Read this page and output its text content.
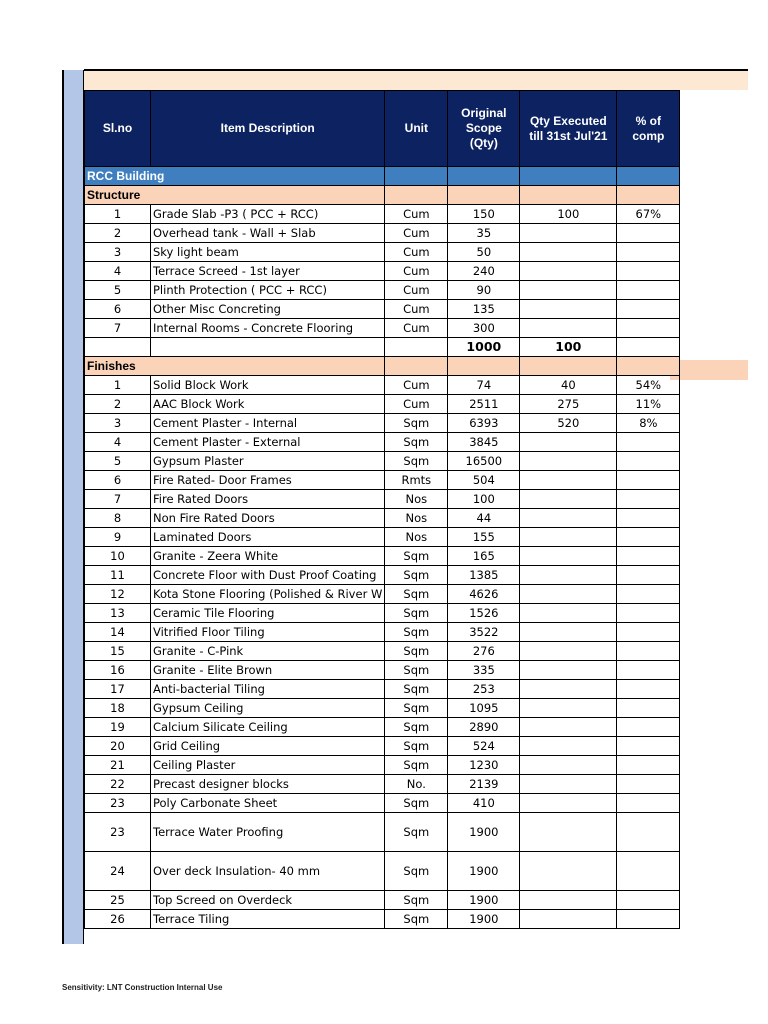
Sl.no	Item Description	Unit	Original Scope (Qty)	Qty Executed till 31st Jul'21	% of comp
RCC Building					
Structure					
1	Grade Slab -P3 ( PCC + RCC)	Cum	150	100	67%
2	Overhead tank - Wall + Slab	Cum	35		
3	Sky light beam	Cum	50		
4	Terrace Screed - 1st layer	Cum	240		
5	Plinth Protection ( PCC + RCC)	Cum	90		
6	Other Misc Concreting	Cum	135		
7	Internal Rooms - Concrete Flooring	Cum	300		
			1000	100	
Finishes					
1	Solid Block Work	Cum	74	40	54%
2	AAC Block Work	Cum	2511	275	11%
3	Cement Plaster - Internal	Sqm	6393	520	8%
4	Cement Plaster - External	Sqm	3845		
5	Gypsum Plaster	Sqm	16500		
6	Fire Rated- Door Frames	Rmts	504		
7	Fire Rated Doors	Nos	100		
8	Non Fire Rated Doors	Nos	44		
9	Laminated Doors	Nos	155		
10	Granite - Zeera White	Sqm	165		
11	Concrete Floor with Dust Proof Coating	Sqm	1385		
12	Kota Stone Flooring (Polished & River W	Sqm	4626		
13	Ceramic Tile Flooring	Sqm	1526		
14	Vitrified Floor Tiling	Sqm	3522		
15	Granite - C-Pink	Sqm	276		
16	Granite - Elite Brown	Sqm	335		
17	Anti-bacterial Tiling	Sqm	253		
18	Gypsum Ceiling	Sqm	1095		
19	Calcium Silicate Ceiling	Sqm	2890		
20	Grid Ceiling	Sqm	524		
21	Ceiling Plaster	Sqm	1230		
22	Precast designer blocks	No.	2139		
23	Poly Carbonate Sheet	Sqm	410		
23	Terrace Water Proofing	Sqm	1900		
24	Over deck Insulation- 40 mm	Sqm	1900		
25	Top Screed on Overdeck	Sqm	1900		
26	Terrace Tiling	Sqm	1900		
Sensitivity: LNT Construction Internal Use
